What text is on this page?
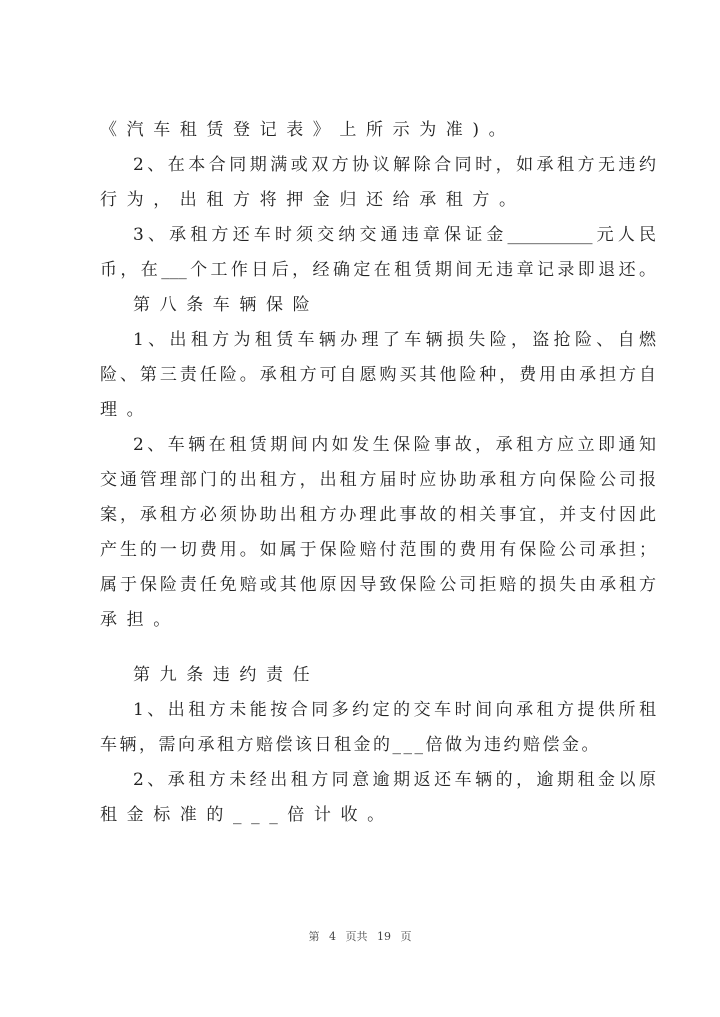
《汽车租赁登记表》上所示为准)。
2、在本合同期满或双方协议解除合同时，如承租方无违约
行为，出租方将押金归还给承租方。
3、承租方还车时须交纳交通违章保证金__________元人民
币，在___个工作日后，经确定在租赁期间无违章记录即退还。
第八条车辆保险
1、出租方为租赁车辆办理了车辆损失险，盗抢险、自燃
险、第三责任险。承租方可自愿购买其他险种，费用由承担方自
理。
2、车辆在租赁期间内如发生保险事故，承租方应立即通知
交通管理部门的出租方，出租方届时应协助承租方向保险公司报
案，承租方必须协助出租方办理此事故的相关事宜，并支付因此
产生的一切费用。如属于保险赔付范围的费用有保险公司承担；
属于保险责任免赔或其他原因导致保险公司拒赔的损失由承租方
承担。
第九条违约责任
1、出租方未能按合同多约定的交车时间向承租方提供所租
车辆，需向承租方赔偿该日租金的___倍做为违约赔偿金。
2、承租方未经出租方同意逾期返还车辆的，逾期租金以原
租金标准的___倍计收。
第 4 页共 19 页
